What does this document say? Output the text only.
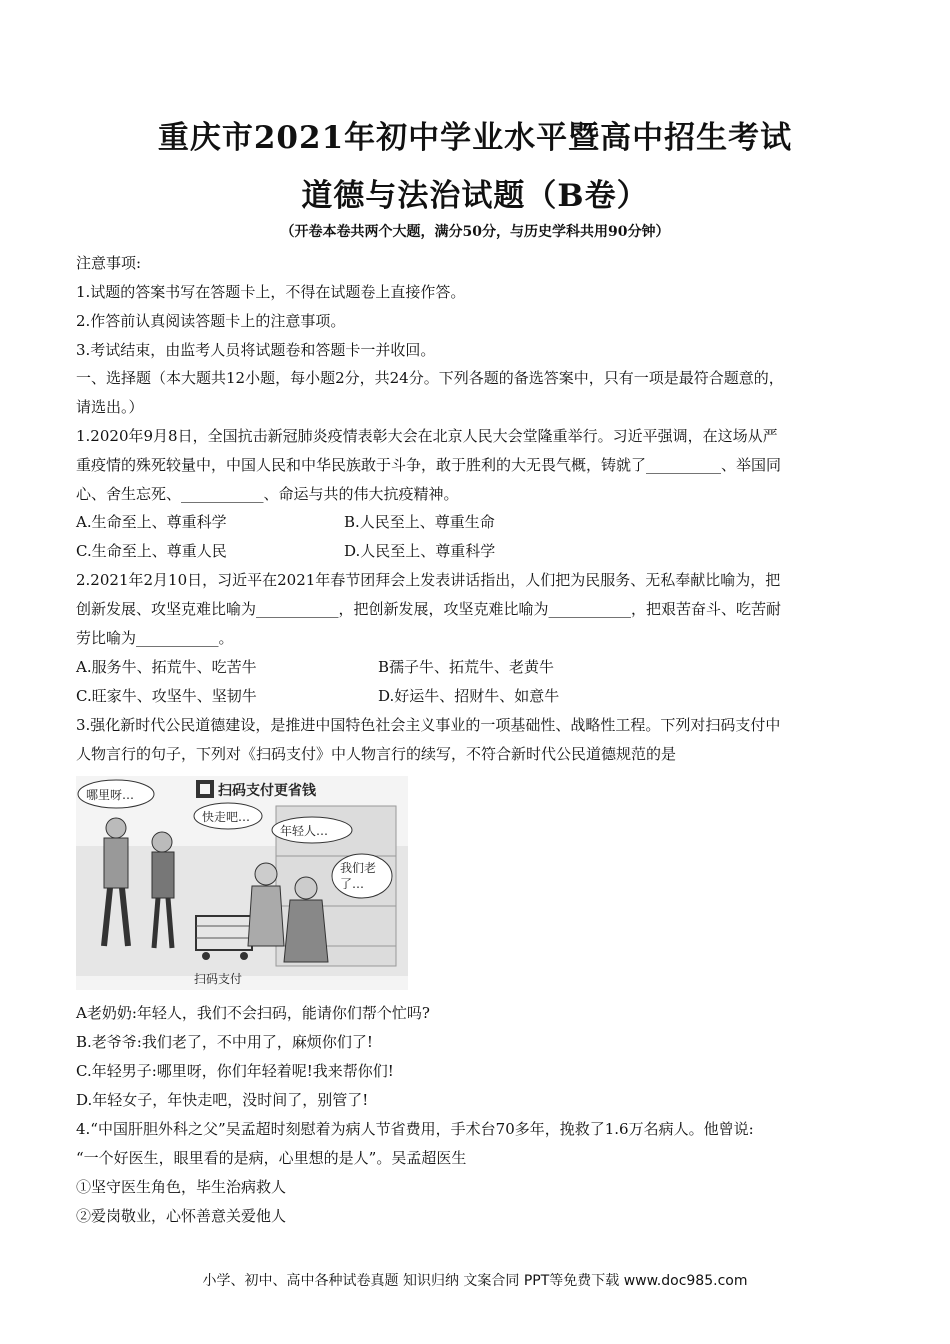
重庆市2021年初中学业水平暨高中招生考试
道德与法治试题（B卷）
（开卷本卷共两个大题，满分50分，与历史学科共用90分钟）
注意事项:
1.试题的答案书写在答题卡上，不得在试题卷上直接作答。
2.作答前认真阅读答题卡上的注意事项。
3.考试结束，由监考人员将试题卷和答题卡一并收回。
一、选择题（本大题共12小题，每小题2分，共24分。下列各题的备选答案中，只有一项是最符合题意的，
请选出。）
1.2020年9月8日，全国抗击新冠肺炎疫情表彰大会在北京人民大会堂隆重举行。习近平强调，在这场从严
重疫情的殊死较量中，中国人民和中华民族敢于斗争，敢于胜利的大无畏气概，铸就了__________、举国同
心、舍生忘死、___________、命运与共的伟大抗疫精神。
A.生命至上、尊重科学	B.人民至上、尊重生命
C.生命至上、尊重人民	D.人民至上、尊重科学
2.2021年2月10日，习近平在2021年春节团拜会上发表讲话指出，人们把为民服务、无私奉献比喻为，把
创新发展、攻坚克难比喻为___________，把创新发展，攻坚克难比喻为___________，把艰苦奋斗、吃苦耐
劳比喻为___________。
A.服务牛、拓荒牛、吃苦牛	B孺子牛、拓荒牛、老黄牛
C.旺家牛、攻坚牛、坚韧牛	D.好运牛、招财牛、如意牛
3.强化新时代公民道德建设，是推进中国特色社会主义事业的一项基础性、战略性工程。下列对扫码支付中
人物言行的句子，下列对《扫码支付》中人物言行的续写，不符合新时代公民道德规范的是
扫码支付更省钱
哪里呀…
快走吧…
年轻人…
我们老
了…
扫码支付
A老奶奶:年轻人，我们不会扫码，能请你们帮个忙吗?
B.老爷爷:我们老了，不中用了，麻烦你们了!
C.年轻男子:哪里呀，你们年轻着呢!我来帮你们!
D.年轻女子，年快走吧，没时间了，别管了!
4.“中国肝胆外科之父”吴孟超时刻慰着为病人节省费用，手术台70多年，挽救了1.6万名病人。他曾说:
“一个好医生，眼里看的是病，心里想的是人”。吴孟超医生
①坚守医生角色，毕生治病救人
②爱岗敬业，心怀善意关爱他人
小学、初中、高中各种试卷真题 知识归纳 文案合同 PPT等免费下载 www.doc985.com
